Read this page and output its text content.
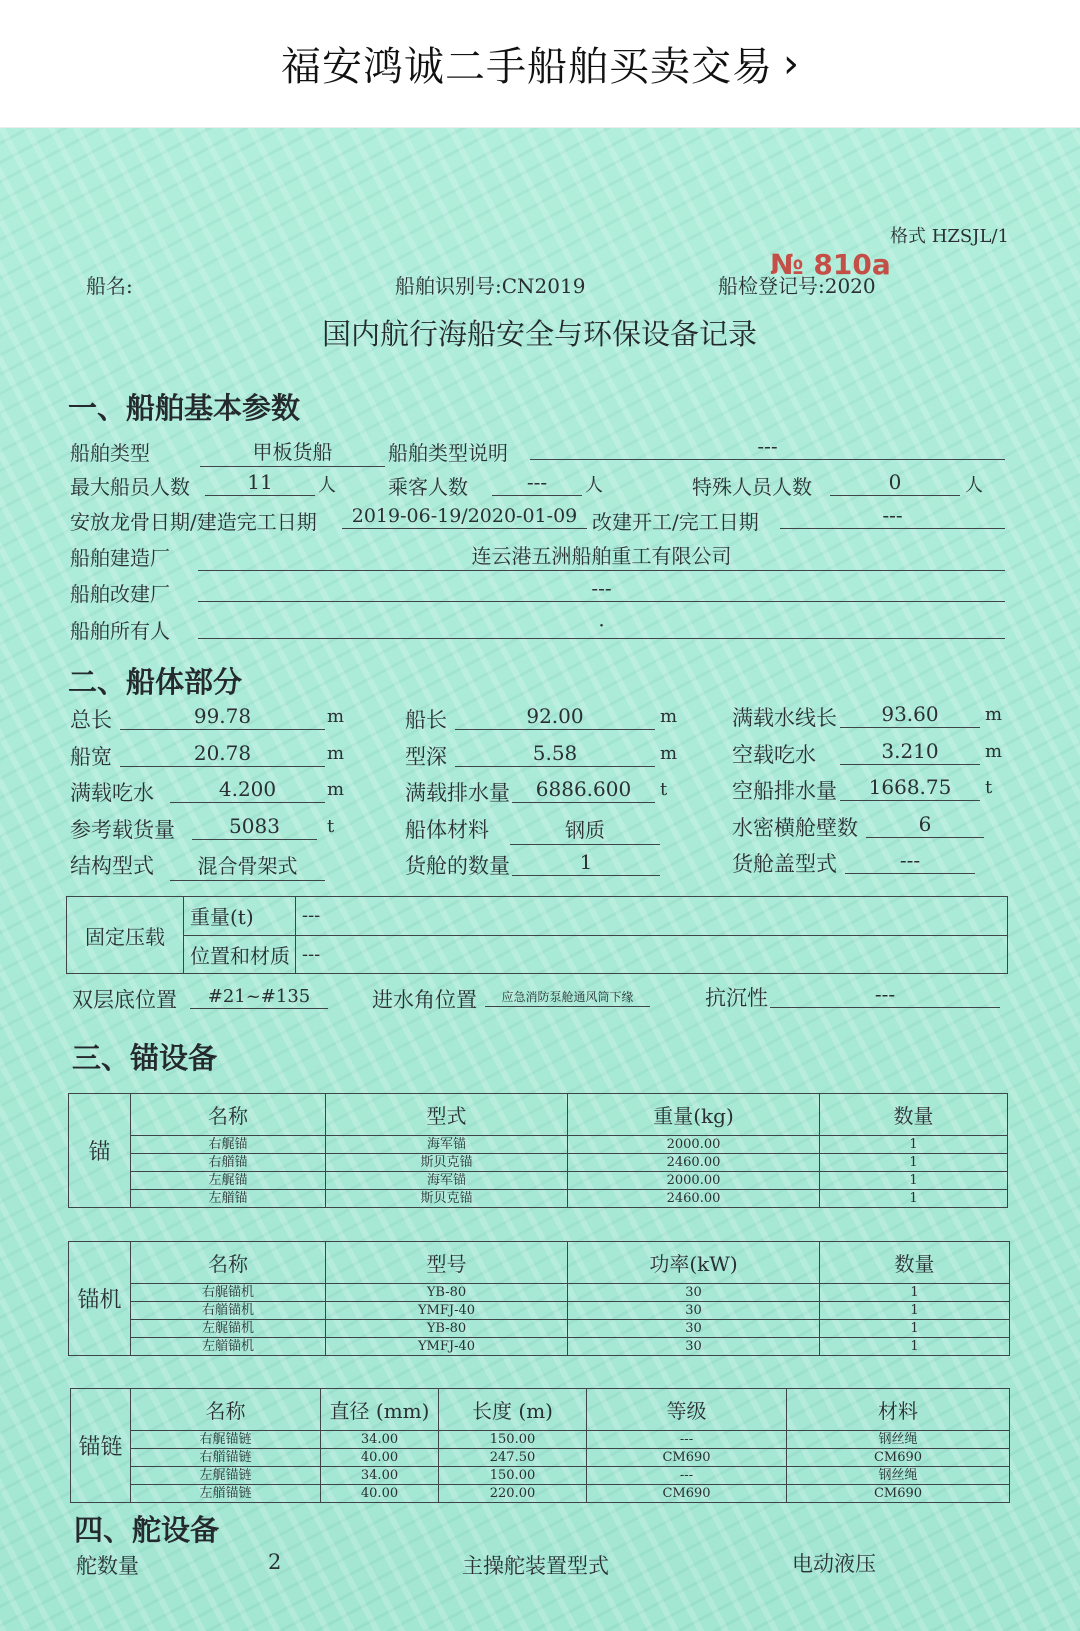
福安鸿诚二手船舶买卖交易 ›
格式 HZSJL/1
船名:	船舶识别号:CN2019	船检登记号:2020
№ 810a
国内航行海船安全与环保设备记录
一、船舶基本参数
船舶类型	甲板货船	船舶类型说明	---
最大船员人数	11	人	乘客人数	---	人	特殊人员人数	0	人
安放龙骨日期/建造完工日期	2019-06-19/2020-01-09 改建开工/完工日期	---
船舶建造厂	连云港五洲船舶重工有限公司
船舶改建厂	---
船舶所有人	·
二、船体部分
总长	99.78	m	船长	92.00	m	满载水线长	93.60	m
船宽	20.78	m	型深	5.58	m	空载吃水	3.210	m
满载吃水	4.200	m	满载排水量	6886.600	t	空船排水量	1668.75	t
参考载货量	5083	t	船体材料	钢质	水密横舱壁数	6
结构型式	混合骨架式	货舱的数量	1	货舱盖型式	---
固定压载	重量(t)	---
	位置和材质	---
双层底位置	#21~#135	进水角位置	应急消防泵舱通风筒下缘	抗沉性	---
三、锚设备
锚	名称	型式	重量(kg)	数量
	右艉锚	海军锚	2000.00	1
	右艏锚	斯贝克锚	2460.00	1
	左艉锚	海军锚	2000.00	1
	左艏锚	斯贝克锚	2460.00	1
锚机	名称	型号	功率(kW)	数量
	右艉锚机	YB-80	30	1
	右艏锚机	YMFJ-40	30	1
	左艉锚机	YB-80	30	1
	左艏锚机	YMFJ-40	30	1
锚链	名称	直径 (mm)	长度 (m)	等级	材料
	右艉锚链	34.00	150.00	---	钢丝绳
	右艏锚链	40.00	247.50	CM690	CM690
	左艉锚链	34.00	150.00	---	钢丝绳
	左艏锚链	40.00	220.00	CM690	CM690
四、舵设备
舵数量	2	主操舵装置型式	电动液压
